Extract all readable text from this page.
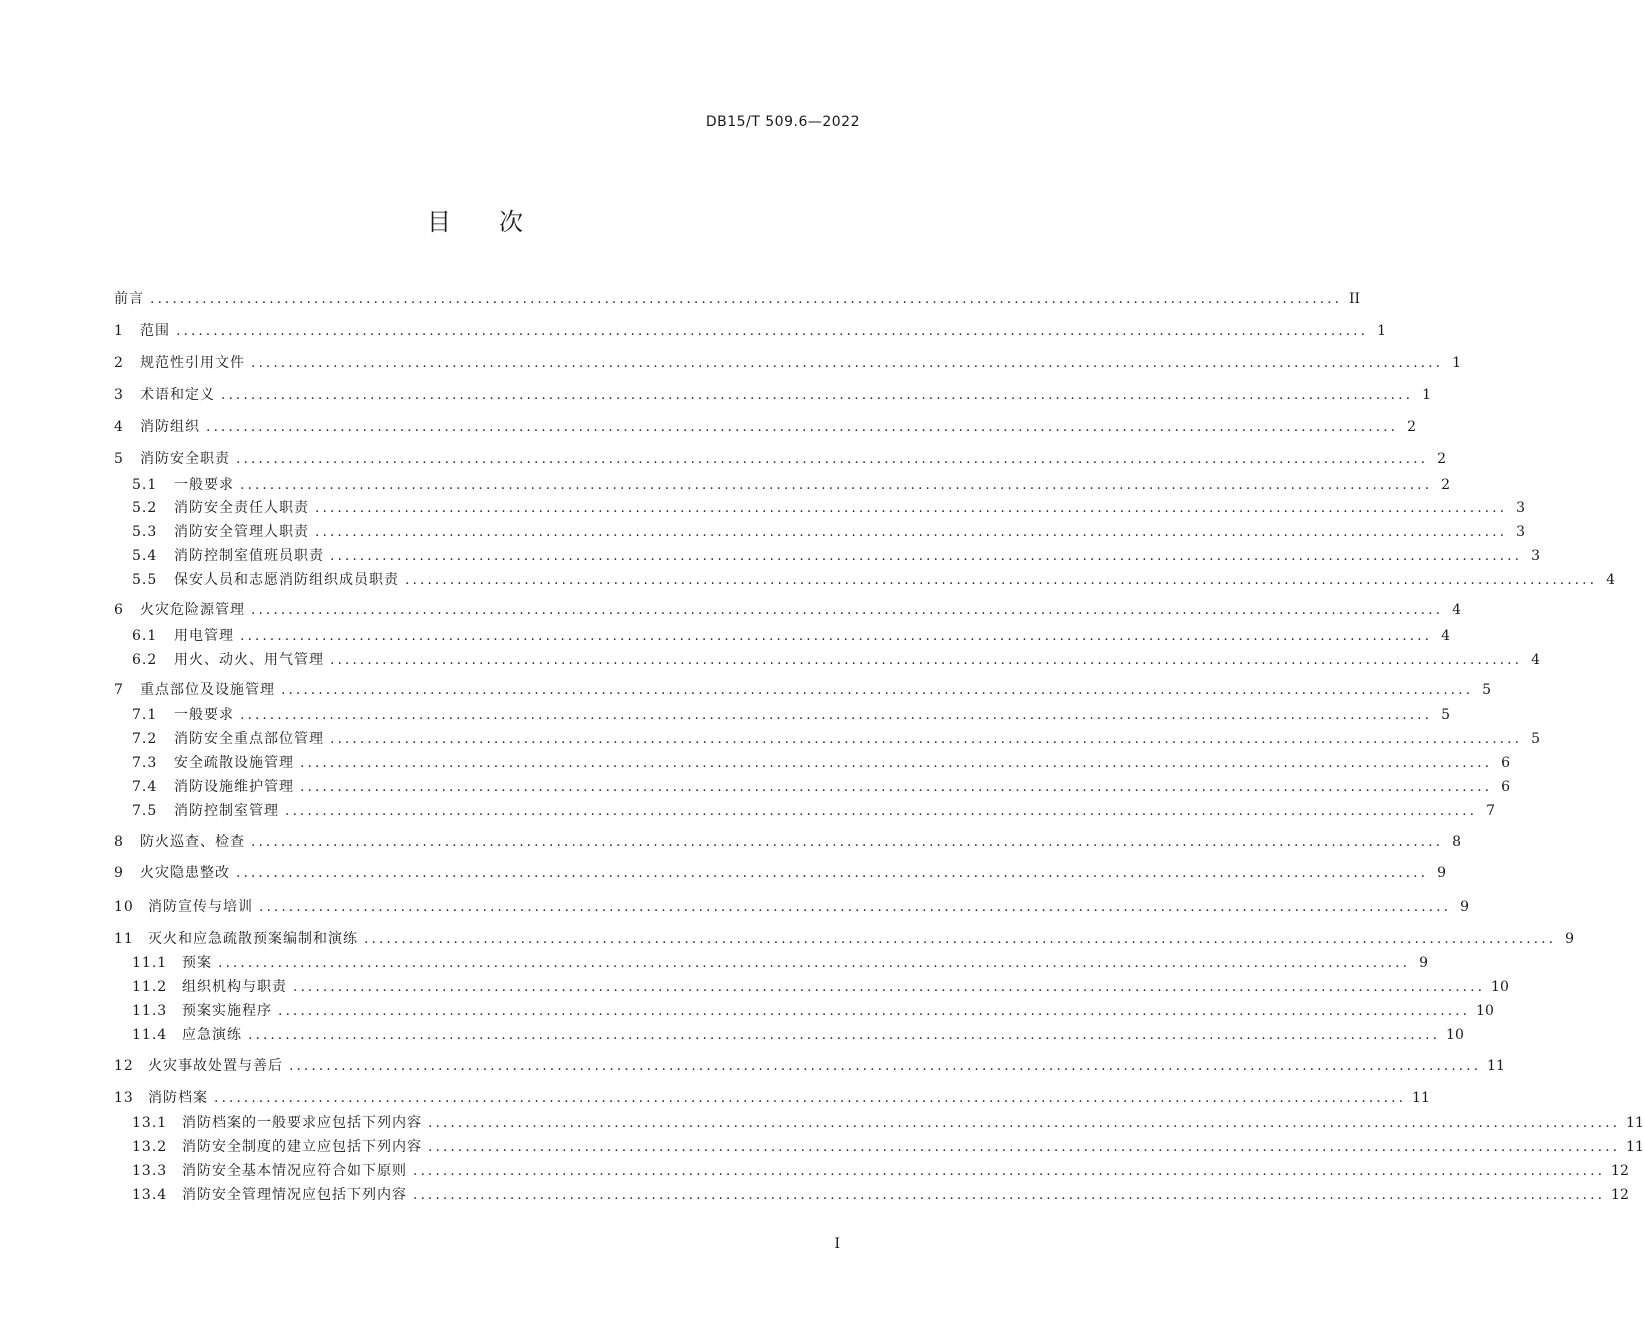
DB15/T 509.6—2022
目 次
前言 ................................................................................................................................................................ II
1	范围 ................................................................................................................................................................ 1
2	规范性引用文件 ................................................................................................................................................................ 1
3	术语和定义 ................................................................................................................................................................ 1
4	消防组织 ................................................................................................................................................................ 2
5	消防安全职责 ................................................................................................................................................................ 2
5.1	一般要求 ................................................................................................................................................................ 2
5.2	消防安全责任人职责 ................................................................................................................................................................ 3
5.3	消防安全管理人职责 ................................................................................................................................................................ 3
5.4	消防控制室值班员职责 ................................................................................................................................................................ 3
5.5	保安人员和志愿消防组织成员职责 ................................................................................................................................................................ 4
6	火灾危险源管理 ................................................................................................................................................................ 4
6.1	用电管理 ................................................................................................................................................................ 4
6.2	用火、动火、用气管理 ................................................................................................................................................................ 4
7	重点部位及设施管理 ................................................................................................................................................................ 5
7.1	一般要求 ................................................................................................................................................................ 5
7.2	消防安全重点部位管理 ................................................................................................................................................................ 5
7.3	安全疏散设施管理 ................................................................................................................................................................ 6
7.4	消防设施维护管理 ................................................................................................................................................................ 6
7.5	消防控制室管理 ................................................................................................................................................................ 7
8	防火巡查、检查 ................................................................................................................................................................ 8
9	火灾隐患整改 ................................................................................................................................................................ 9
10	消防宣传与培训 ................................................................................................................................................................ 9
11	灭火和应急疏散预案编制和演练 ................................................................................................................................................................ 9
11.1	预案 ................................................................................................................................................................ 9
11.2	组织机构与职责 ................................................................................................................................................................ 10
11.3	预案实施程序 ................................................................................................................................................................ 10
11.4	应急演练 ................................................................................................................................................................ 10
12	火灾事故处置与善后 ................................................................................................................................................................ 11
13	消防档案 ................................................................................................................................................................ 11
13.1	消防档案的一般要求应包括下列内容 ................................................................................................................................................................ 11
13.2	消防安全制度的建立应包括下列内容 ................................................................................................................................................................ 11
13.3	消防安全基本情况应符合如下原则 ................................................................................................................................................................ 12
13.4	消防安全管理情况应包括下列内容 ................................................................................................................................................................ 12
I
